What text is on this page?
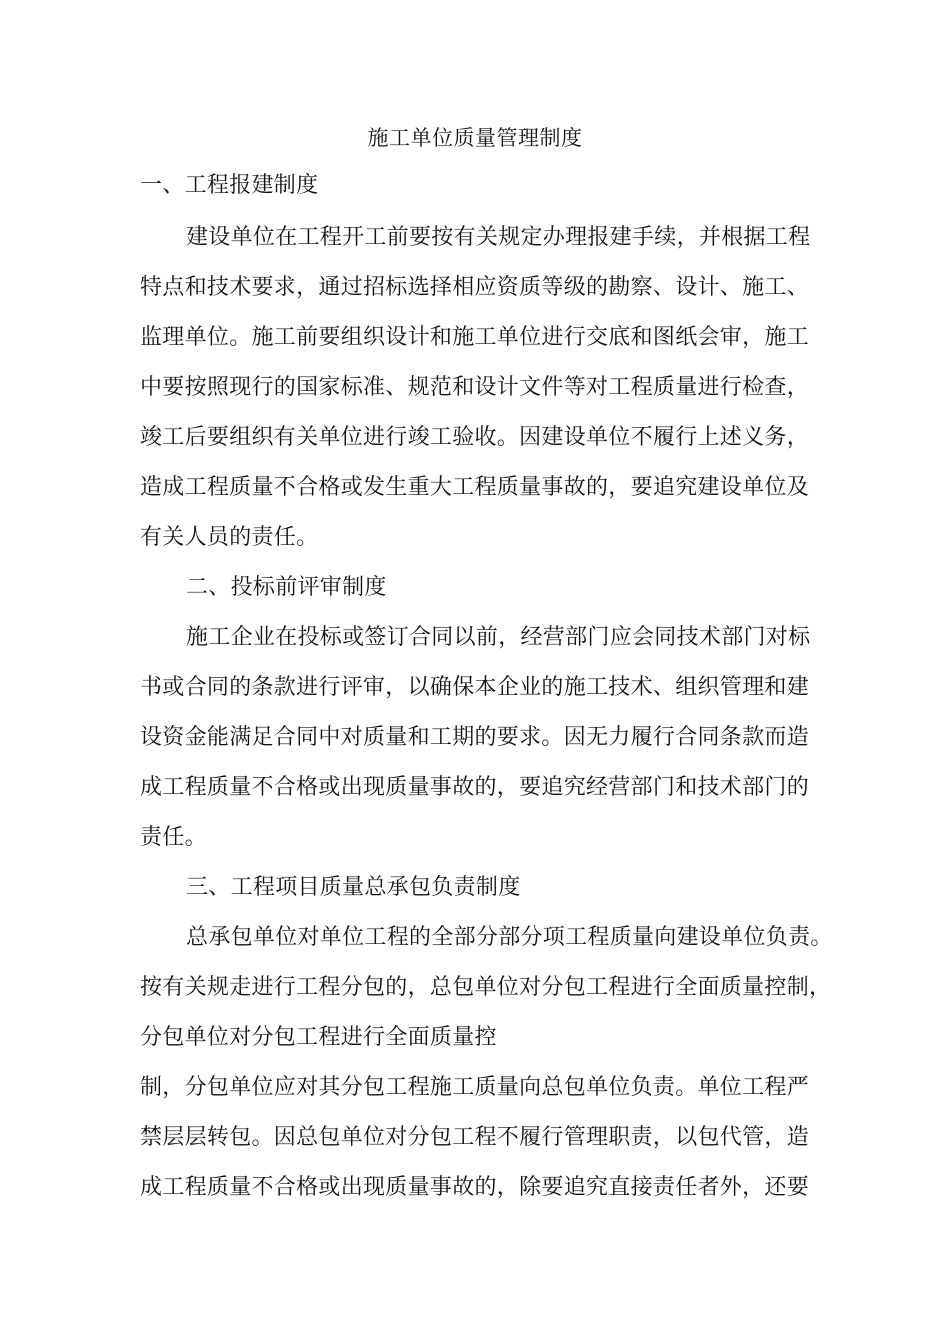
施工单位质量管理制度
一、工程报建制度
建设单位在工程开工前要按有关规定办理报建手续，并根据工程
特点和技术要求，通过招标选择相应资质等级的勘察、设计、施工、
监理单位。施工前要组织设计和施工单位进行交底和图纸会审，施工
中要按照现行的国家标准、规范和设计文件等对工程质量进行检查，
竣工后要组织有关单位进行竣工验收。因建设单位不履行上述义务，
造成工程质量不合格或发生重大工程质量事故的，要追究建设单位及
有关人员的责任。
二、投标前评审制度
施工企业在投标或签订合同以前，经营部门应会同技术部门对标
书或合同的条款进行评审，以确保本企业的施工技术、组织管理和建
设资金能满足合同中对质量和工期的要求。因无力履行合同条款而造
成工程质量不合格或出现质量事故的，要追究经营部门和技术部门的
责任。
三、工程项目质量总承包负责制度
总承包单位对单位工程的全部分部分项工程质量向建设单位负责。
按有关规走进行工程分包的，总包单位对分包工程进行全面质量控制，
分包单位对分包工程进行全面质量控
制，分包单位应对其分包工程施工质量向总包单位负责。单位工程严
禁层层转包。因总包单位对分包工程不履行管理职责，以包代管，造
成工程质量不合格或出现质量事故的，除要追究直接责任者外，还要
